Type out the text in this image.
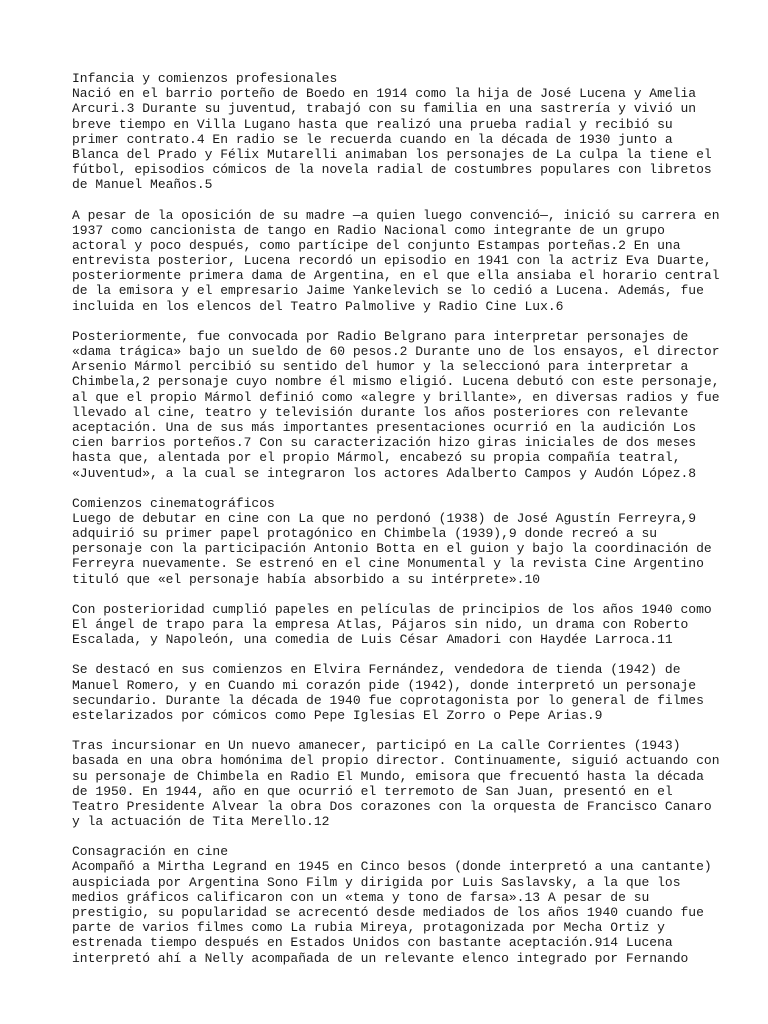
Infancia y comienzos profesionales
Nació en el barrio porteño de Boedo en 1914 como la hija de José Lucena y Amelia
Arcuri.3 Durante su juventud, trabajó con su familia en una sastrería y vivió un
breve tiempo en Villa Lugano hasta que realizó una prueba radial y recibió su
primer contrato.4 En radio se le recuerda cuando en la década de 1930 junto a
Blanca del Prado y Félix Mutarelli animaban los personajes de La culpa la tiene el
fútbol, episodios cómicos de la novela radial de costumbres populares con libretos
de Manuel Meaños.5
A pesar de la oposición de su madre —a quien luego convenció—, inició su carrera en
1937 como cancionista de tango en Radio Nacional como integrante de un grupo
actoral y poco después, como partícipe del conjunto Estampas porteñas.2 En una
entrevista posterior, Lucena recordó un episodio en 1941 con la actriz Eva Duarte,
posteriormente primera dama de Argentina, en el que ella ansiaba el horario central
de la emisora y el empresario Jaime Yankelevich se lo cedió a Lucena. Además, fue
incluida en los elencos del Teatro Palmolive y Radio Cine Lux.6
Posteriormente, fue convocada por Radio Belgrano para interpretar personajes de
«dama trágica» bajo un sueldo de 60 pesos.2 Durante uno de los ensayos, el director
Arsenio Mármol percibió su sentido del humor y la seleccionó para interpretar a
Chimbela,2 personaje cuyo nombre él mismo eligió. Lucena debutó con este personaje,
al que el propio Mármol definió como «alegre y brillante», en diversas radios y fue
llevado al cine, teatro y televisión durante los años posteriores con relevante
aceptación. Una de sus más importantes presentaciones ocurrió en la audición Los
cien barrios porteños.7 Con su caracterización hizo giras iniciales de dos meses
hasta que, alentada por el propio Mármol, encabezó su propia compañía teatral,
«Juventud», a la cual se integraron los actores Adalberto Campos y Audón López.8
Comienzos cinematográficos
Luego de debutar en cine con La que no perdonó (1938) de José Agustín Ferreyra,9
adquirió su primer papel protagónico en Chimbela (1939),9 donde recreó a su
personaje con la participación Antonio Botta en el guion y bajo la coordinación de
Ferreyra nuevamente. Se estrenó en el cine Monumental y la revista Cine Argentino
tituló que «el personaje había absorbido a su intérprete».10
Con posterioridad cumplió papeles en películas de principios de los años 1940 como
El ángel de trapo para la empresa Atlas, Pájaros sin nido, un drama con Roberto
Escalada, y Napoleón, una comedia de Luis César Amadori con Haydée Larroca.11
Se destacó en sus comienzos en Elvira Fernández, vendedora de tienda (1942) de
Manuel Romero, y en Cuando mi corazón pide (1942), donde interpretó un personaje
secundario. Durante la década de 1940 fue coprotagonista por lo general de filmes
estelarizados por cómicos como Pepe Iglesias El Zorro o Pepe Arias.9
Tras incursionar en Un nuevo amanecer, participó en La calle Corrientes (1943)
basada en una obra homónima del propio director. Continuamente, siguió actuando con
su personaje de Chimbela en Radio El Mundo, emisora que frecuentó hasta la década
de 1950. En 1944, año en que ocurrió el terremoto de San Juan, presentó en el
Teatro Presidente Alvear la obra Dos corazones con la orquesta de Francisco Canaro
y la actuación de Tita Merello.12
Consagración en cine
Acompañó a Mirtha Legrand en 1945 en Cinco besos (donde interpretó a una cantante)
auspiciada por Argentina Sono Film y dirigida por Luis Saslavsky, a la que los
medios gráficos calificaron con un «tema y tono de farsa».13 A pesar de su
prestigio, su popularidad se acrecentó desde mediados de los años 1940 cuando fue
parte de varios filmes como La rubia Mireya, protagonizada por Mecha Ortiz y
estrenada tiempo después en Estados Unidos con bastante aceptación.914 Lucena
interpretó ahí a Nelly acompañada de un relevante elenco integrado por Fernando
